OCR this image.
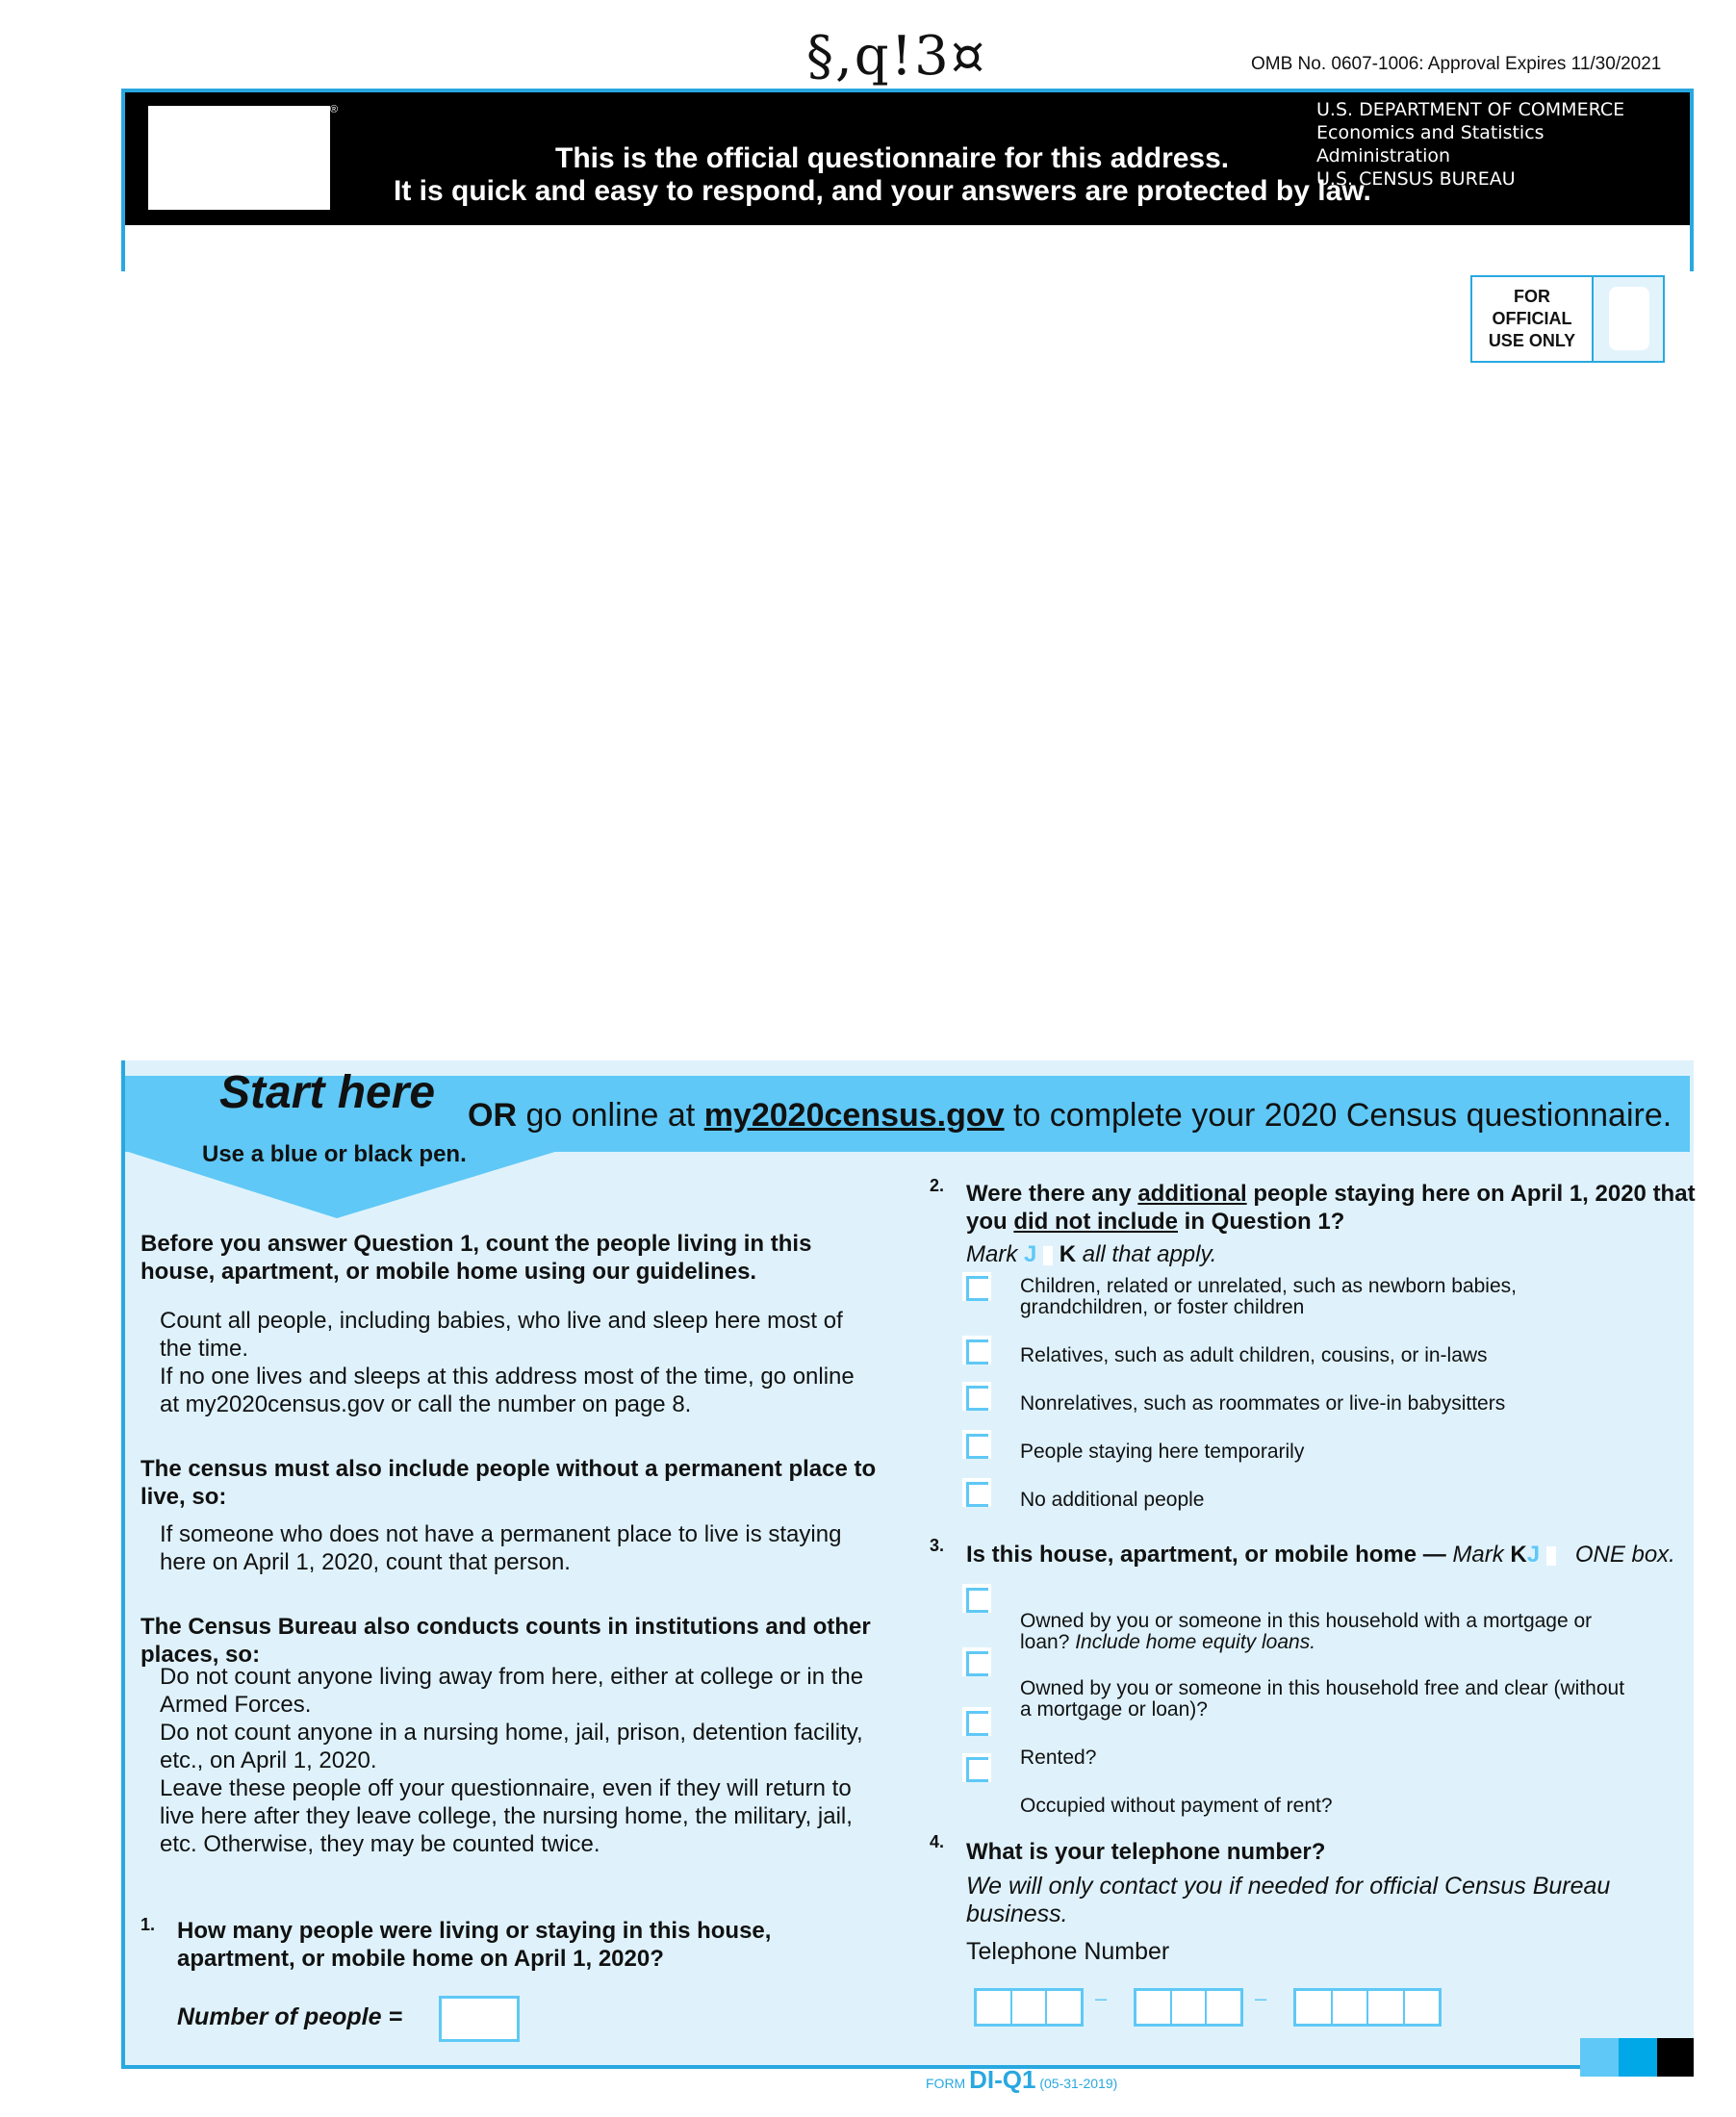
§,q!3¤	OMB No. 0607-1006: Approval Expires 11/30/2021
®
This is the official questionnaire for this address.
It is quick and easy to respond, and your answers are protected by law.
U.S. DEPARTMENT OF COMMERCE
Economics and Statistics
Administration
U.S. CENSUS BUREAU
FOR
OFFICIAL
USE ONLY
Start here
Use a blue or black pen.
OR go online at my2020census.gov to complete your 2020 Census questionnaire.
Before you answer Question 1, count the people living in this house, apartment, or mobile home using our guidelines.
Count all people, including babies, who live and sleep here most of the time.
If no one lives and sleeps at this address most of the time, go online at my2020census.gov or call the number on page 8.
The census must also include people without a permanent place to live, so:
If someone who does not have a permanent place to live is staying here on April 1, 2020, count that person.
The Census Bureau also conducts counts in institutions and other places, so:
Do not count anyone living away from here, either at college or in the Armed Forces.
Do not count anyone in a nursing home, jail, prison, detention facility, etc., on April 1, 2020.
Leave these people off your questionnaire, even if they will return to live here after they leave college, the nursing home, the military, jail, etc. Otherwise, they may be counted twice.
1. How many people were living or staying in this house, apartment, or mobile home on April 1, 2020?
Number of people =
2. Were there any additional people staying here on April 1, 2020 that you did not include in Question 1?
Mark J K all that apply.
Children, related or unrelated, such as newborn babies, grandchildren, or foster children
Relatives, such as adult children, cousins, or in-laws
Nonrelatives, such as roommates or live-in babysitters
People staying here temporarily
No additional people
3. Is this house, apartment, or mobile home — Mark KJ ONE box.
Owned by you or someone in this household with a mortgage or loan? Include home equity loans.
Owned by you or someone in this household free and clear (without a mortgage or loan)?
Rented?
Occupied without payment of rent?
4. What is your telephone number?
We will only contact you if needed for official Census Bureau business.
Telephone Number
–	–
FORM DI-Q1 (05-31-2019)
